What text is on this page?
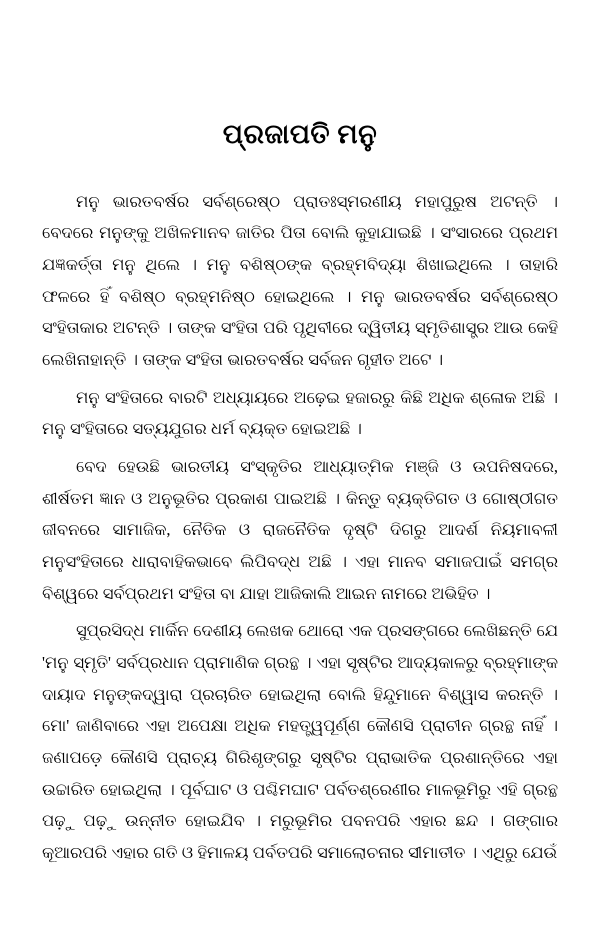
ପ୍ରଜାପତି ମନୁ

ମନୁ ଭାରତବର୍ଷର ସର୍ବଶ୍ରେଷ୍ଠ ପ୍ରାତଃସ୍ମରଣୀୟ ମହାପୁରୁଷ ଅଟନ୍ତି । ବେଦରେ ମନୁଙ୍କୁ ଅଖିଳମାନବ ଜାତିର ପିତା ବୋଲି କୁହାଯାଇଛି । ସଂସାରରେ ପ୍ରଥମ ଯଜ୍ଞକର୍ତ୍ତା ମନୁ ଥିଲେ । ମନୁ ବଶିଷ୍ଠଙ୍କ ବ୍ରହ୍ମବିଦ୍ୟା ଶିଖାଇଥିଲେ । ତାହାରି ଫଳରେ ହିଁ ବଶିଷ୍ଠ ବ୍ରହ୍ମନିଷ୍ଠ ହୋଇଥିଲେ । ମନୁ ଭାରତବର୍ଷର ସର୍ବଶ୍ରେଷ୍ଠ ସଂହିତାକାର ଅଟନ୍ତି । ତାଙ୍କ ସଂହିତା ପରି ପୃଥିବୀରେ ଦ୍ୱିତୀୟ ସ୍ମୃତିଶାସ୍ତ୍ର ଆଉ କେହି ଲେଖିନାହାନ୍ତି । ତାଙ୍କ ସଂହିତା ଭାରତବର୍ଷର ସର୍ବଜନ ଗୃହୀତ ଅଟେ ।

ମନୁ ସଂହିତାରେ ବାରଟି ଅଧ୍ୟାୟରେ ଅଢ଼େଇ ହଜାରରୁ କିଛି ଅଧିକ ଶ୍ଳୋକ ଅଛି । ମନୁ ସଂହିତାରେ ସତ୍ୟଯୁଗର ଧର୍ମ ବ୍ୟକ୍ତ ହୋଇଅଛି ।

ବେଦ ହେଉଛି ଭାରତୀୟ ସଂସ୍କୃତିର ଆଧ୍ୟାତ୍ମିକ ମଞ୍ଜି ଓ ଉପନିଷଦରେ, ଶୀର୍ଷତମ ଜ୍ଞାନ ଓ ଅନୁଭୂତିର ପ୍ରକାଶ ପାଇଅଛି । କିନ୍ତୁ ବ୍ୟକ୍ତିଗତ ଓ ଗୋଷ୍ଠୀଗତ ଜୀବନରେ ସାମାଜିକ, ନୈତିକ ଓ ରାଜନୈତିକ ଦୃଷ୍ଟି ଦିଗରୁ ଆଦର୍ଶ ନିୟମାବଳୀ ମନୁସଂହିତାରେ ଧାରାବାହିକଭାବେ ଲିପିବଦ୍ଧ ଅଛି । ଏହା ମାନବ ସମାଜପାଇଁ ସମଗ୍ର ବିଶ୍ୱରେ ସର୍ବପ୍ରଥମ ସଂହିତା ବା ଯାହା ଆଜିକାଲି ଆଇନ ନାମରେ ଅଭିହିତ ।

ସୁପ୍ରସିଦ୍ଧ ମାର୍କିନ ଦେଶୀୟ ଲେଖକ ଥୋରୋ ଏକ ପ୍ରସଙ୍ଗରେ ଲେଖିଛନ୍ତି ଯେ 'ମନୁ ସ୍ମୃତି' ସର୍ବପ୍ରଧାନ ପ୍ରାମାଣିକ ଗ୍ରନ୍ଥ । ଏହା ସୃଷ୍ଟିର ଆଦ୍ୟକାଳରୁ ବ୍ରହ୍ମାଙ୍କ ଦାୟାଦ ମନୁଙ୍କଦ୍ୱାରା ପ୍ରଚାରିତ ହୋଇଥିଲା ବୋଲି ହିନ୍ଦୁମାନେ ବିଶ୍ୱାସ କରନ୍ତି । ମୋ' ଜାଣିବାରେ ଏହା ଅପେକ୍ଷା ଅଧିକ ମହତ୍ତ୍ୱପୂର୍ଣ୍ଣ କୌଣସି ପ୍ରାଚୀନ ଗ୍ରନ୍ଥ ନାହିଁ । ଜଣାପଡ଼େ କୌଣସି ପ୍ରାଚ୍ୟ ଗିରିଶୃଙ୍ଗରୁ ସୃଷ୍ଟିର ପ୍ରାଭାତିକ ପ୍ରଶାନ୍ତିରେ ଏହା ଉଚ୍ଚାରିତ ହୋଇଥିଲା । ପୂର୍ବଘାଟ ଓ ପଶ୍ଚିମଘାଟ ପର୍ବତଶ୍ରେଣୀର ମାଳଭୂମିରୁ ଏହି ଗ୍ରନ୍ଥ ପଢ଼ୁ ପଢ଼ୁ ଉନ୍ନୀତ ହୋଇଯିବ । ମରୁଭୂମିର ପବନପରି ଏହାର ଛନ୍ଦ । ଗଙ୍ଗାର କୂଆରପରି ଏହାର ଗତି ଓ ହିମାଳୟ ପର୍ବତପରି ସମାଲୋଚନାର ସୀମାତୀତ । ଏଥିରୁ ଯେଉଁ
